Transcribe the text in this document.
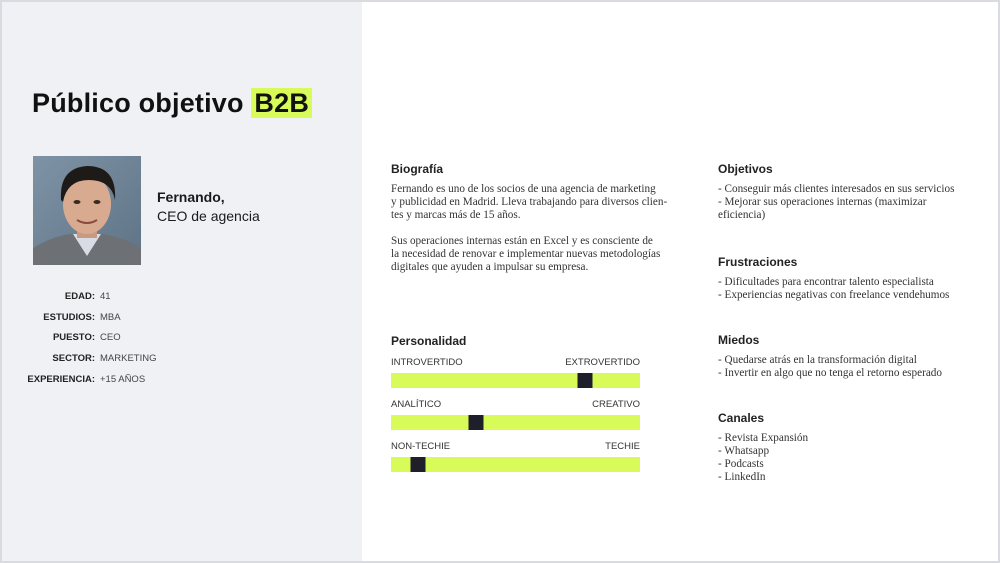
Público objetivo B2B
Fernando,
CEO de agencia
EDAD: 41
ESTUDIOS: MBA
PUESTO: CEO
SECTOR: MARKETING
EXPERIENCIA: +15 AÑOS
Biografía
Fernando es uno de los socios de una agencia de marketing
y publicidad en Madrid. Lleva trabajando para diversos clien-
tes y marcas más de 15 años.

Sus operaciones internas están en Excel y es consciente de
la necesidad de renovar e implementar nuevas metodologías
digitales que ayuden a impulsar su empresa.
Personalidad
INTROVERTIDO	EXTROVERTIDO
ANALÍTICO	CREATIVO
NON-TECHIE	TECHIE
Objetivos
- Conseguir más clientes interesados en sus servicios
- Mejorar sus operaciones internas (maximizar
eficiencia)
Frustraciones
- Dificultades para encontrar talento especialista
- Experiencias negativas con freelance vendehumos
Miedos
- Quedarse atrás en la transformación digital
- Invertir en algo que no tenga el retorno esperado
Canales
- Revista Expansión
- Whatsapp
- Podcasts
- LinkedIn
